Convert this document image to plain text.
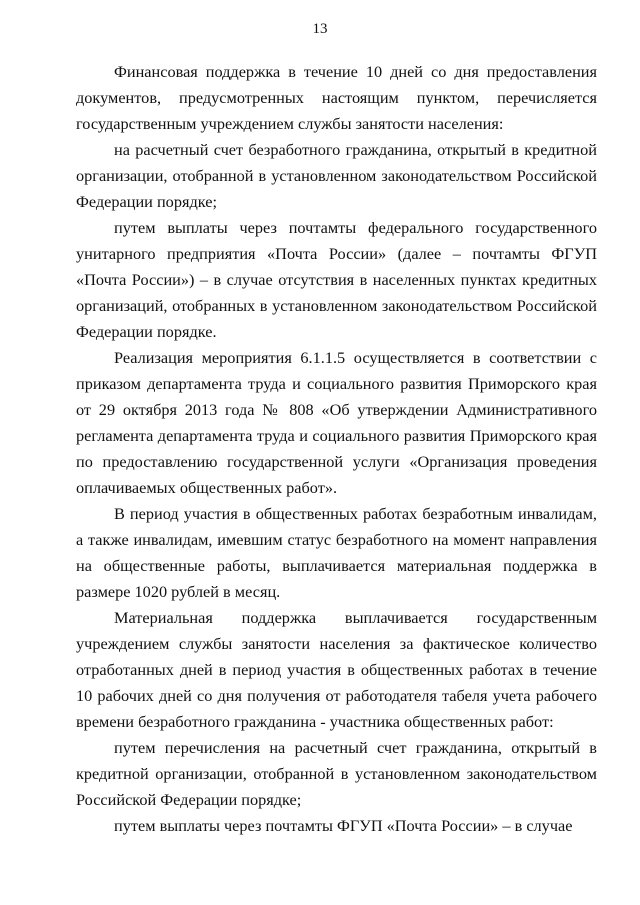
13

Финансовая поддержка в течение 10 дней со дня предоставления документов, предусмотренных настоящим пунктом, перечисляется государственным учреждением службы занятости населения:

на расчетный счет безработного гражданина, открытый в кредитной организации, отобранной в установленном законодательством Российской Федерации порядке;

путем выплаты через почтамты федерального государственного унитарного предприятия «Почта России» (далее – почтамты ФГУП «Почта России») – в случае отсутствия в населенных пунктах кредитных организаций, отобранных в установленном законодательством Российской Федерации порядке.

Реализация мероприятия 6.1.1.5 осуществляется в соответствии с приказом департамента труда и социального развития Приморского края от 29 октября 2013 года № 808 «Об утверждении Административного регламента департамента труда и социального развития Приморского края по предоставлению государственной услуги «Организация проведения оплачиваемых общественных работ».

В период участия в общественных работах безработным инвалидам, а также инвалидам, имевшим статус безработного на момент направления на общественные работы, выплачивается материальная поддержка в размере 1020 рублей в месяц.

Материальная поддержка выплачивается государственным учреждением службы занятости населения за фактическое количество отработанных дней в период участия в общественных работах в течение 10 рабочих дней со дня получения от работодателя табеля учета рабочего времени безработного гражданина - участника общественных работ:

путем перечисления на расчетный счет гражданина, открытый в кредитной организации, отобранной в установленном законодательством Российской Федерации порядке;

путем выплаты через почтамты ФГУП «Почта России» – в случае
